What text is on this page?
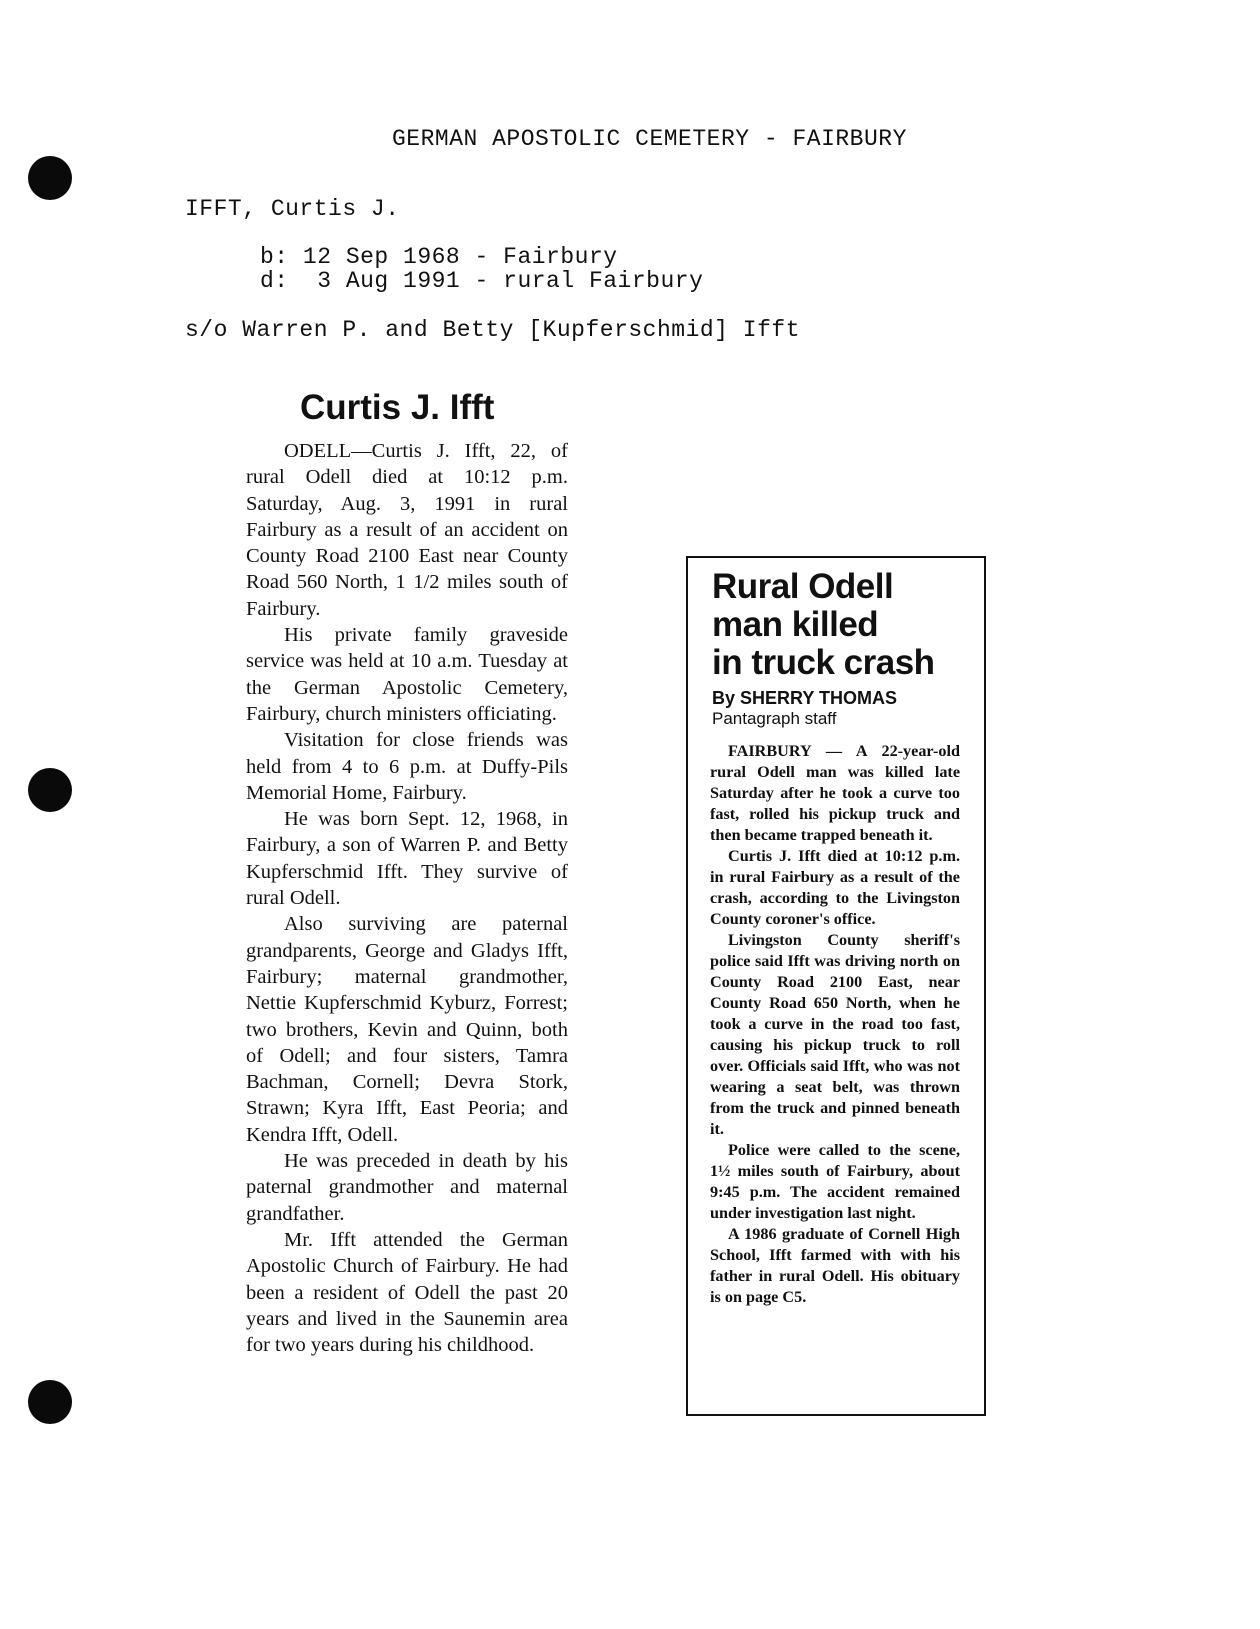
GERMAN APOSTOLIC CEMETERY - FAIRBURY
IFFT, Curtis J.
b: 12 Sep 1968 - Fairbury
d:  3 Aug 1991 - rural Fairbury
s/o Warren P. and Betty [Kupferschmid] Ifft
Curtis J. Ifft

ODELL—Curtis J. Ifft, 22, of rural Odell died at 10:12 p.m. Saturday, Aug. 3, 1991 in rural Fairbury as a result of an accident on County Road 2100 East near County Road 560 North, 1 1/2 miles south of Fairbury.

His private family graveside service was held at 10 a.m. Tuesday at the German Apostolic Cemetery, Fairbury, church ministers officiating.

Visitation for close friends was held from 4 to 6 p.m. at Duffy-Pils Memorial Home, Fairbury.

He was born Sept. 12, 1968, in Fairbury, a son of Warren P. and Betty Kupferschmid Ifft. They survive of rural Odell.

Also surviving are paternal grandparents, George and Gladys Ifft, Fairbury; maternal grandmother, Nettie Kupferschmid Kyburz, Forrest; two brothers, Kevin and Quinn, both of Odell; and four sisters, Tamra Bachman, Cornell; Devra Stork, Strawn; Kyra Ifft, East Peoria; and Kendra Ifft, Odell.

He was preceded in death by his paternal grandmother and maternal grandfather.

Mr. Ifft attended the German Apostolic Church of Fairbury. He had been a resident of Odell the past 20 years and lived in the Saunemin area for two years during his childhood.

Rural Odell
man killed
in truck crash
By SHERRY THOMAS
Pantagraph staff

FAIRBURY — A 22-year-old rural Odell man was killed late Saturday after he took a curve too fast, rolled his pickup truck and then became trapped beneath it.

Curtis J. Ifft died at 10:12 p.m. in rural Fairbury as a result of the crash, according to the Livingston County coroner's office.

Livingston County sheriff's police said Ifft was driving north on County Road 2100 East, near County Road 650 North, when he took a curve in the road too fast, causing his pickup truck to roll over. Officials said Ifft, who was not wearing a seat belt, was thrown from the truck and pinned beneath it.

Police were called to the scene, 1½ miles south of Fairbury, about 9:45 p.m. The accident remained under investigation last night.

A 1986 graduate of Cornell High School, Ifft farmed with with his father in rural Odell. His obituary is on page C5.
